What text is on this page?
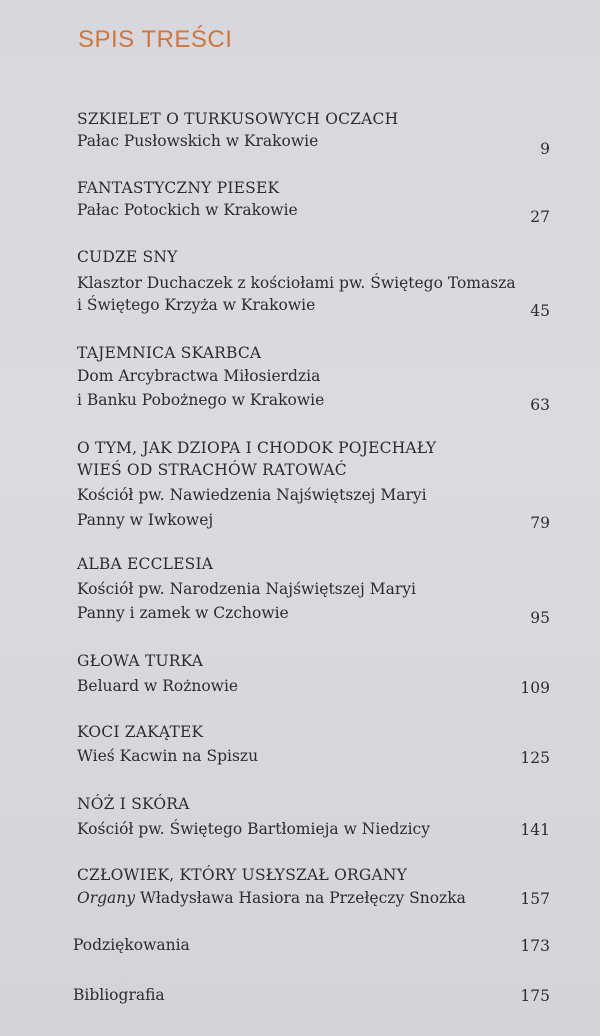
SPIS TREŚCI
SZKIELET O TURKUSOWYCH OCZACH
Pałac Pusłowskich w Krakowie	9
FANTASTYCZNY PIESEK
Pałac Potockich w Krakowie	27
CUDZE SNY
Klasztor Duchaczek z kościołami pw. Świętego Tomasza
i Świętego Krzyża w Krakowie	45
TAJEMNICA SKARBCA
Dom Arcybractwa Miłosierdzia
i Banku Pobożnego w Krakowie	63
O TYM, JAK DZIOPA I CHODOK POJECHAŁY
WIEŚ OD STRACHÓW RATOWAĆ
Kościół pw. Nawiedzenia Najświętszej Maryi
Panny w Iwkowej	79
ALBA ECCLESIA
Kościół pw. Narodzenia Najświętszej Maryi
Panny i zamek w Czchowie	95
GŁOWA TURKA
Beluard w Rożnowie	109
KOCI ZAKĄTEK
Wieś Kacwin na Spiszu	125
NÓŻ I SKÓRA
Kościół pw. Świętego Bartłomieja w Niedzicy	141
CZŁOWIEK, KTÓRY USŁYSZAŁ ORGANY
Organy Władysława Hasiora na Przełęczy Snozka	157
Podziękowania	173
Bibliografia	175
